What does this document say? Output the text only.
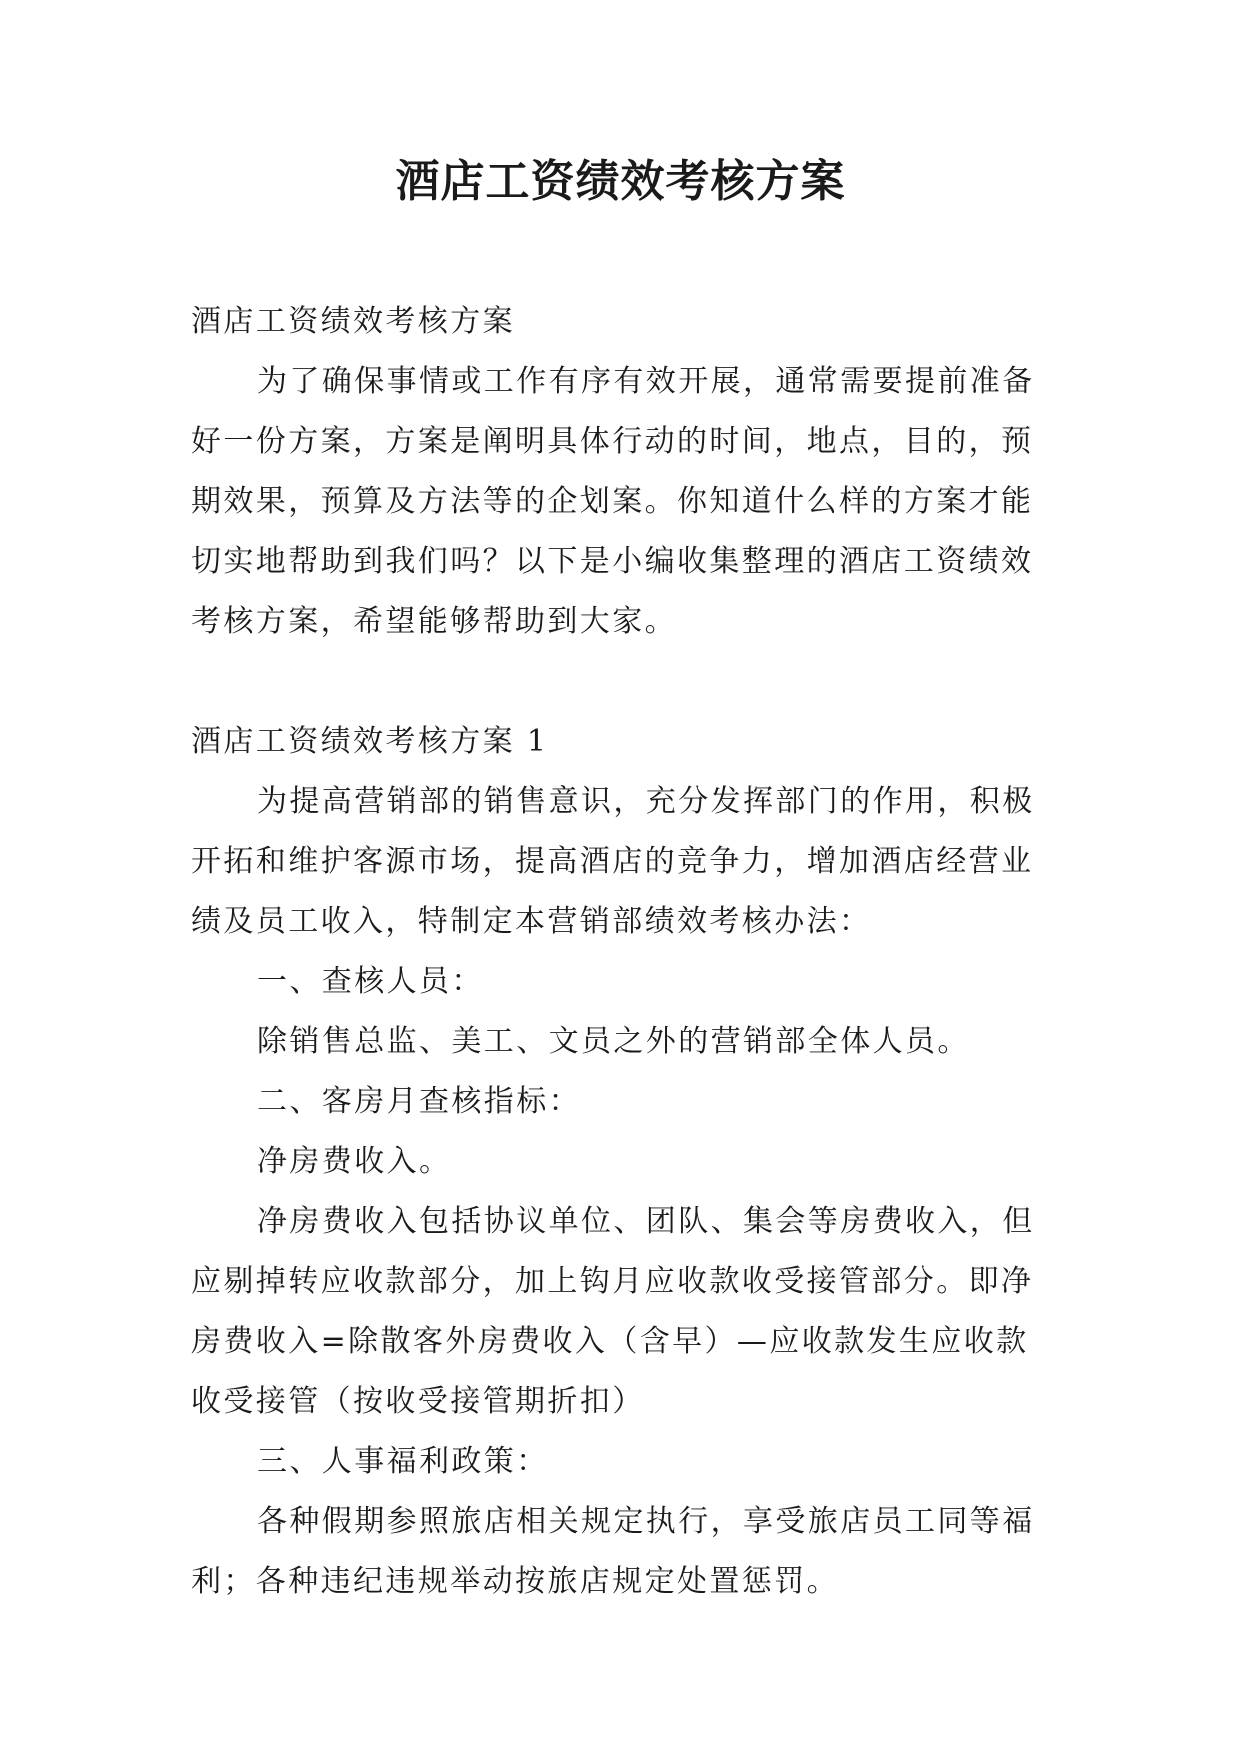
酒店工资绩效考核方案

酒店工资绩效考核方案

为了确保事情或工作有序有效开展，通常需要提前准备好一份方案，方案是阐明具体行动的时间，地点，目的，预期效果，预算及方法等的企划案。你知道什么样的方案才能切实地帮助到我们吗？以下是小编收集整理的酒店工资绩效考核方案，希望能够帮助到大家。

酒店工资绩效考核方案 1

为提高营销部的销售意识，充分发挥部门的作用，积极开拓和维护客源市场，提高酒店的竞争力，增加酒店经营业绩及员工收入，特制定本营销部绩效考核办法：

一、查核人员：

除销售总监、美工、文员之外的营销部全体人员。

二、客房月查核指标：

净房费收入。

净房费收入包括协议单位、团队、集会等房费收入，但应剔掉转应收款部分，加上钩月应收款收受接管部分。即净房费收入=除散客外房费收入（含早）—应收款发生应收款收受接管（按收受接管期折扣）

三、人事福利政策：

各种假期参照旅店相关规定执行，享受旅店员工同等福利；各种违纪违规举动按旅店规定处置惩罚。
